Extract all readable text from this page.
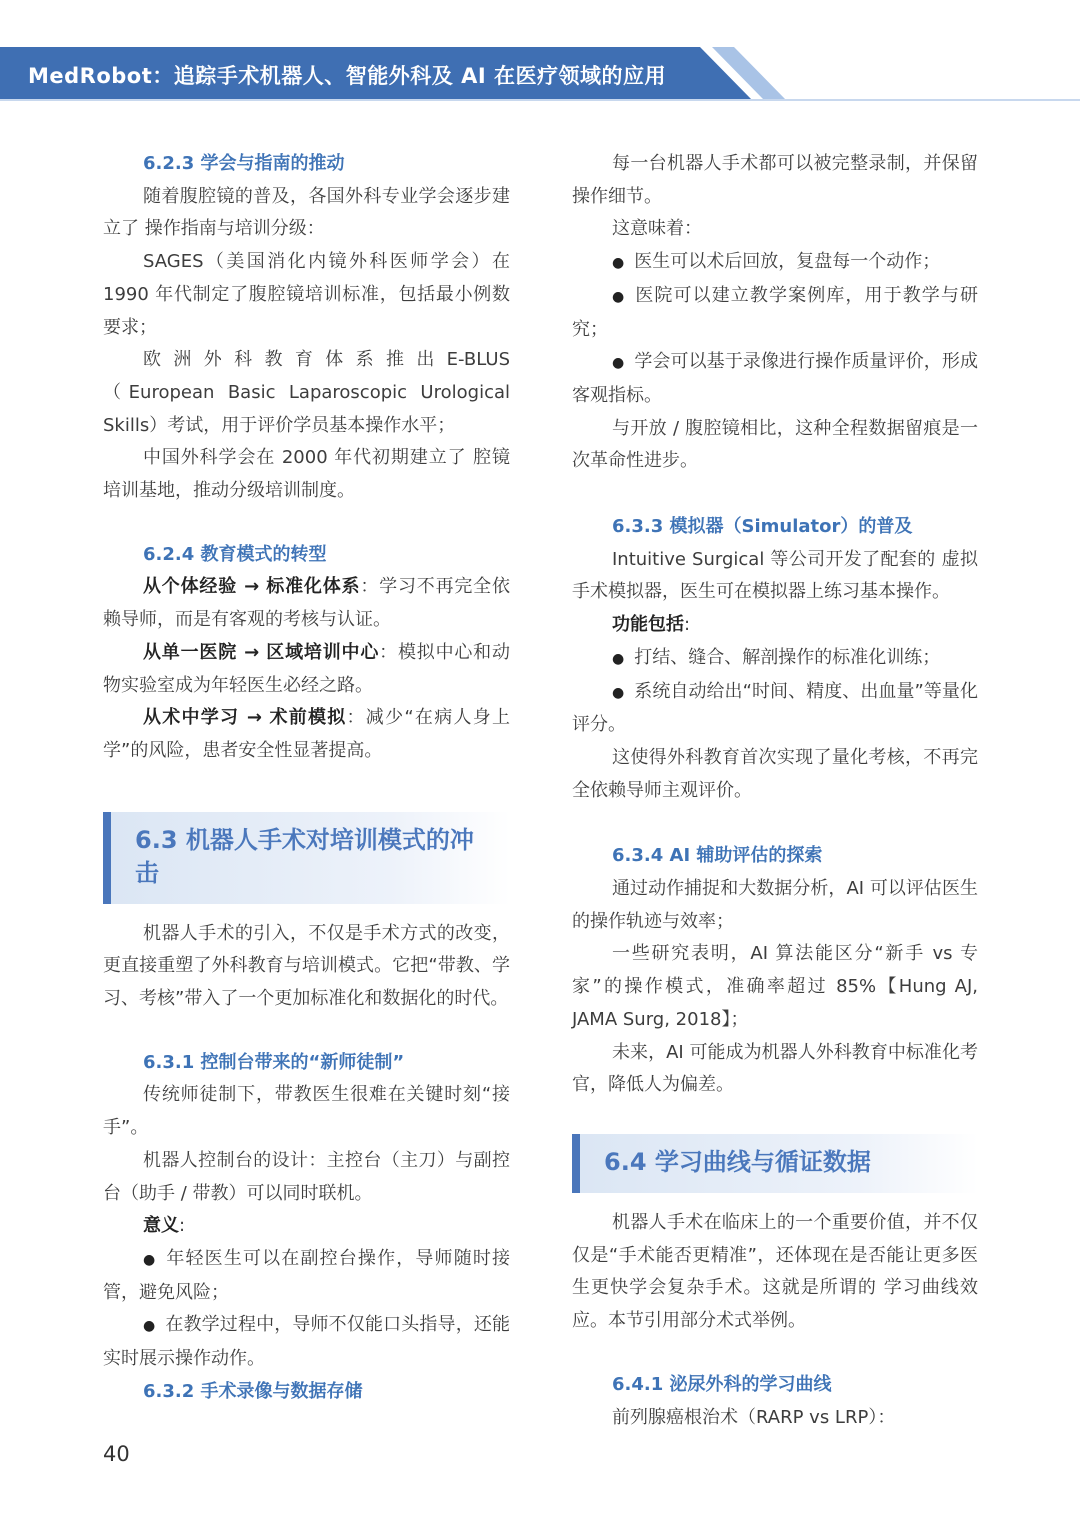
MedRobot：追踪手术机器人、智能外科及 AI 在医疗领域的应用

6.2.3 学会与指南的推动

随着腹腔镜的普及，各国外科专业学会逐步建立了 操作指南与培训分级：

SAGES（美国消化内镜外科医师学会）在 1990 年代制定了腹腔镜培训标准，包括最小例数要求；

欧 洲 外 科 教 育 体 系 推 出 E-BLUS（European Basic Laparoscopic Urological Skills）考试，用于评价学员基本操作水平；

中国外科学会在 2000 年代初期建立了 腔镜培训基地，推动分级培训制度。

6.2.4 教育模式的转型

从个体经验 → 标准化体系：学习不再完全依赖导师，而是有客观的考核与认证。

从单一医院 → 区域培训中心：模拟中心和动物实验室成为年轻医生必经之路。

从术中学习 → 术前模拟：减少“在病人身上学”的风险，患者安全性显著提高。

6.3 机器人手术对培训模式的冲击

机器人手术的引入，不仅是手术方式的改变，更直接重塑了外科教育与培训模式。它把“带教、学习、考核”带入了一个更加标准化和数据化的时代。

6.3.1 控制台带来的“新师徒制”

传统师徒制下，带教医生很难在关键时刻“接手”。

机器人控制台的设计：主控台（主刀）与副控台（助手 / 带教）可以同时联机。

意义:

● 年轻医生可以在副控台操作，导师随时接管，避免风险；

● 在教学过程中，导师不仅能口头指导，还能实时展示操作动作。

6.3.2 手术录像与数据存储

每一台机器人手术都可以被完整录制，并保留操作细节。

这意味着：

● 医生可以术后回放，复盘每一个动作；

● 医院可以建立教学案例库，用于教学与研究；

● 学会可以基于录像进行操作质量评价，形成客观指标。

与开放 / 腹腔镜相比，这种全程数据留痕是一次革命性进步。

6.3.3 模拟器（Simulator）的普及

Intuitive Surgical 等公司开发了配套的 虚拟手术模拟器，医生可在模拟器上练习基本操作。

功能包括:

● 打结、缝合、解剖操作的标准化训练；

● 系统自动给出“时间、精度、出血量”等量化评分。

这使得外科教育首次实现了量化考核，不再完全依赖导师主观评价。

6.3.4 AI 辅助评估的探索

通过动作捕捉和大数据分析，AI 可以评估医生的操作轨迹与效率；

一些研究表明，AI 算法能区分“新手 vs 专家”的操作模式，准确率超过 85%【Hung AJ, JAMA Surg, 2018】；

未来，AI 可能成为机器人外科教育中标准化考官，降低人为偏差。

6.4 学习曲线与循证数据

机器人手术在临床上的一个重要价值，并不仅仅是“手术能否更精准”，还体现在是否能让更多医生更快学会复杂手术。这就是所谓的 学习曲线效应。本节引用部分术式举例。

6.4.1 泌尿外科的学习曲线

前列腺癌根治术（RARP vs LRP）：

40
